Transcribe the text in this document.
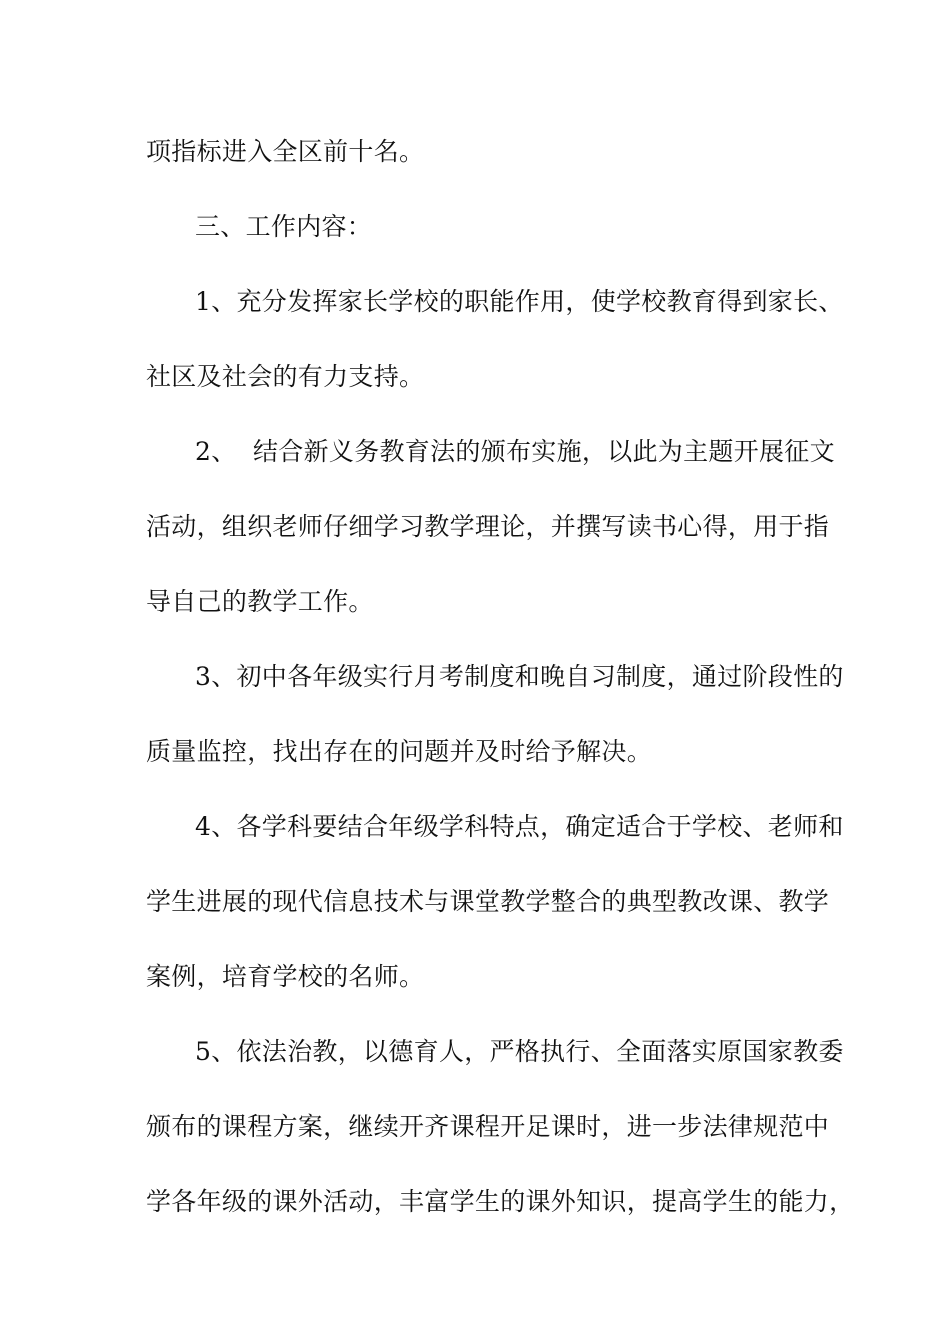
项指标进入全区前十名。
三、工作内容：
1、充分发挥家长学校的职能作用，使学校教育得到家长、
社区及社会的有力支持。
2、  结合新义务教育法的颁布实施，以此为主题开展征文
活动，组织老师仔细学习教学理论，并撰写读书心得，用于指
导自己的教学工作。
3、初中各年级实行月考制度和晚自习制度，通过阶段性的
质量监控，找出存在的问题并及时给予解决。
4、各学科要结合年级学科特点，确定适合于学校、老师和
学生进展的现代信息技术与课堂教学整合的典型教改课、教学
案例，培育学校的名师。
5、依法治教，以德育人，严格执行、全面落实原国家教委
颁布的课程方案，继续开齐课程开足课时，进一步法律规范中
学各年级的课外活动，丰富学生的课外知识，提高学生的能力，
